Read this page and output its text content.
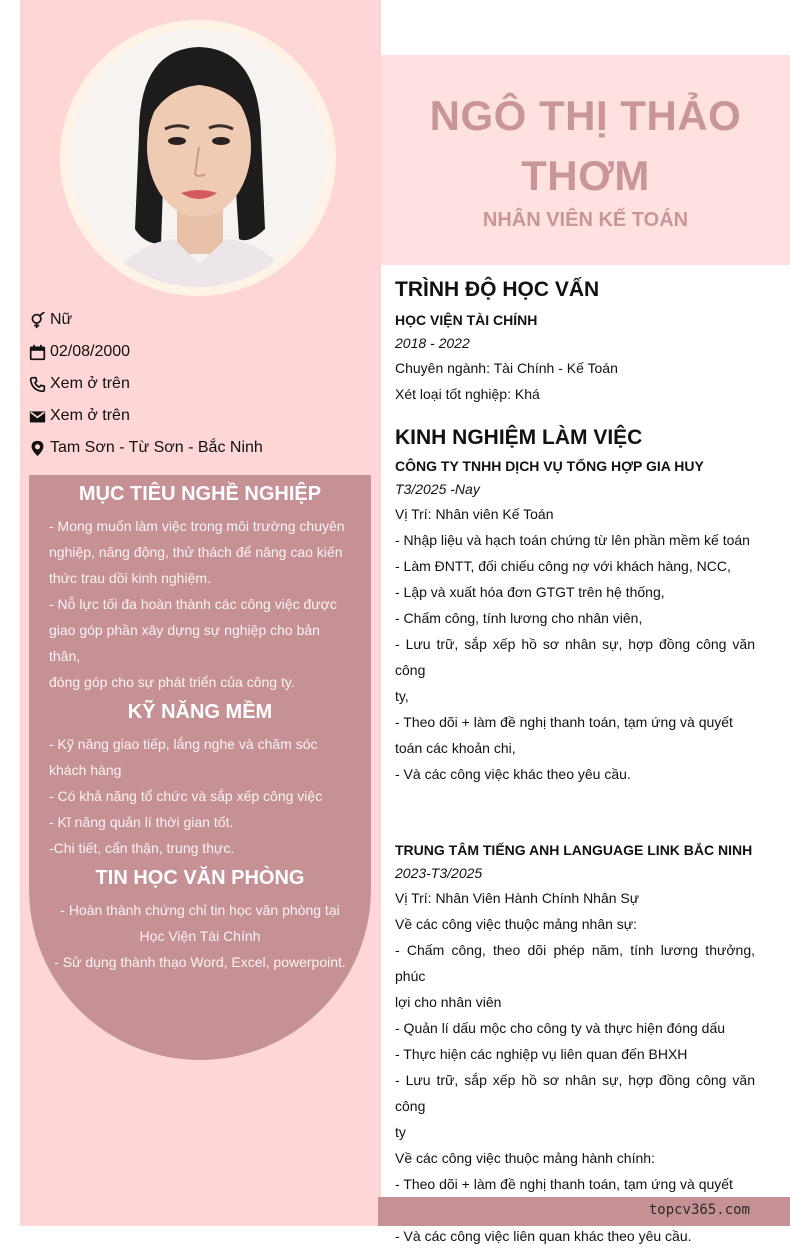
NGÔ THỊ THẢO
THƠM
NHÂN VIÊN KẾ TOÁN
Nữ
02/08/2000
Xem ở trên
Xem ở trên
Tam Sơn - Từ Sơn - Bắc Ninh
MỤC TIÊU NGHỀ NGHIỆP

- Mong muốn làm việc trong môi trường chuyên

nghiệp, năng động, thử thách để nâng cao kiến

thức trau dồi kinh nghiệm.

- Nỗ lực tối đa hoàn thành các công việc được

giao góp phần xây dựng sự nghiệp cho bản thân,

đóng góp cho sự phát triển của công ty.

KỸ NĂNG MỀM

- Kỹ năng giao tiếp, lắng nghe và chăm sóc

khách hàng

- Có khả năng tổ chức và sắp xếp công việc

- Kĩ năng quản lí thời gian tốt.

-Chi tiết, cẩn thận, trung thực.

TIN HỌC VĂN PHÒNG

- Hoàn thành chứng chỉ tin học văn phòng tại

Học Viện Tài Chính

- Sử dụng thành thạo Word, Excel, powerpoint.

TRÌNH ĐỘ HỌC VẤN

HỌC VIỆN TÀI CHÍNH

2018 - 2022

Chuyên ngành: Tài Chính - Kế Toán

Xét loại tốt nghiệp: Khá

KINH NGHIỆM LÀM VIỆC

CÔNG TY TNHH DỊCH VỤ TỔNG HỢP GIA HUY

T3/2025 -Nay

Vị Trí: Nhân viên Kế Toán

- Nhập liệu và hạch toán chứng từ lên phần mềm kế toán

- Làm ĐNTT, đối chiếu công nợ với khách hàng, NCC,

- Lập và xuất hóa đơn GTGT trên hệ thống,

- Chấm công, tính lương cho nhân viên,

- Lưu trữ, sắp xếp hồ sơ nhân sự, hợp đồng công văn công

ty,

- Theo dõi + làm đề nghị thanh toán, tạm ứng và quyết

toán các khoản chi,

- Và các công việc khác theo yêu cầu.

TRUNG TÂM TIẾNG ANH LANGUAGE LINK BẮC NINH

2023-T3/2025

Vị Trí: Nhân Viên Hành Chính Nhân Sự

Về các công việc thuộc mảng nhân sự:

- Chấm công, theo dõi phép năm, tính lương thưởng, phúc

lợi cho nhân viên

- Quản lí dấu mộc cho công ty và thực hiện đóng dấu

- Thực hiện các nghiệp vụ liên quan đến BHXH

- Lưu trữ, sắp xếp hồ sơ nhân sự, hợp đồng công văn công

ty

Về các công việc thuộc mảng hành chính:

- Theo dõi + làm đề nghị thanh toán, tạm ứng và quyết

- Và các công việc liên quan khác theo yêu cầu.

topcv365.com
